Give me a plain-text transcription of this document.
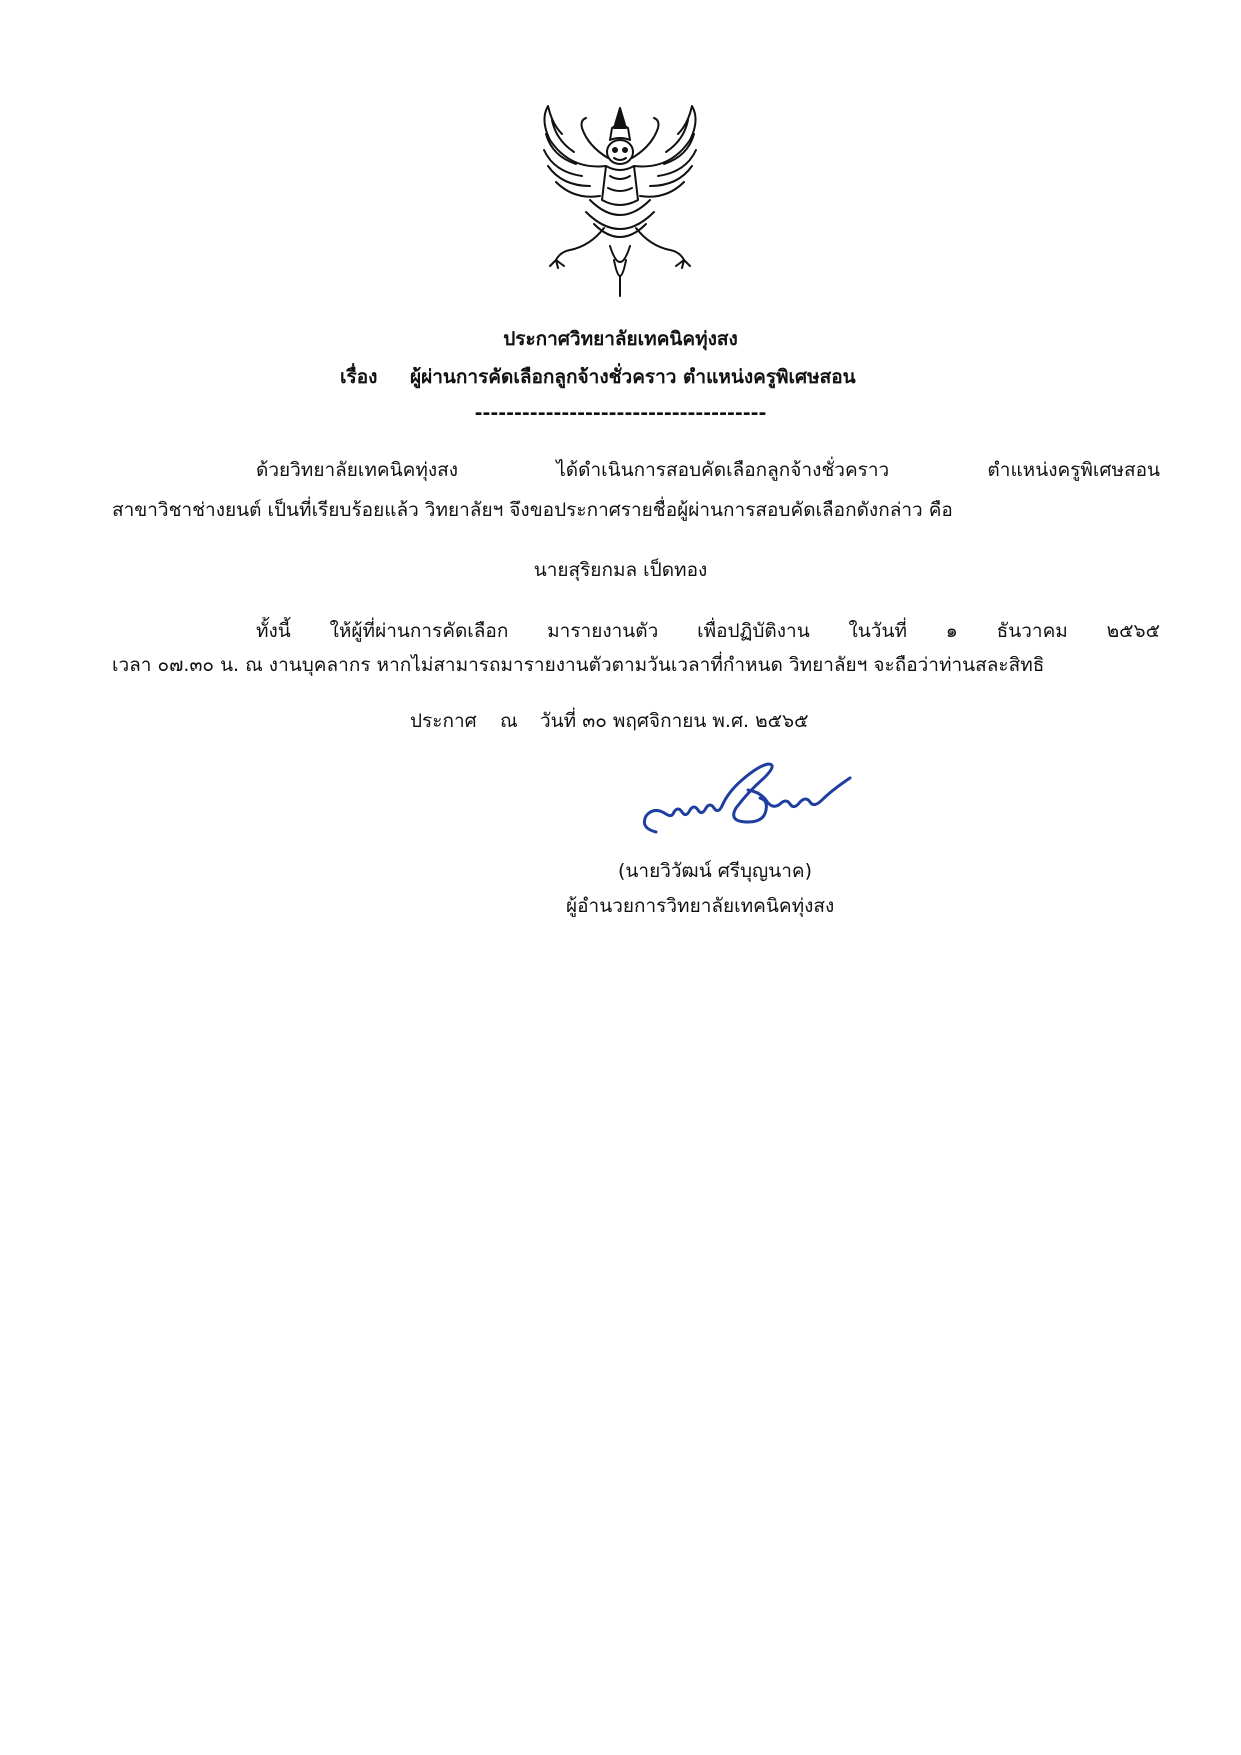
ประกาศวิทยาลัยเทคนิคทุ่งสง
เรื่อง ผู้ผ่านการคัดเลือกลูกจ้างชั่วคราว ตำแหน่งครูพิเศษสอน
-------------------------------------
ด้วยวิทยาลัยเทคนิคทุ่งสง ได้ดำเนินการสอบคัดเลือกลูกจ้างชั่วคราว ตำแหน่งครูพิเศษสอน
สาขาวิชาช่างยนต์ เป็นที่เรียบร้อยแล้ว วิทยาลัยฯ จึงขอประกาศรายชื่อผู้ผ่านการสอบคัดเลือกดังกล่าว คือ
นายสุริยกมล เป็ดทอง
ทั้งนี้ ให้ผู้ที่ผ่านการคัดเลือก มารายงานตัว เพื่อปฏิบัติงาน ในวันที่ ๑ ธันวาคม ๒๕๖๕
เวลา ๐๗.๓๐ น. ณ งานบุคลากร หากไม่สามารถมารายงานตัวตามวันเวลาที่กำหนด วิทยาลัยฯ จะถือว่าท่านสละสิทธิ
ประกาศ ณ วันที่ ๓๐ พฤศจิกายน พ.ศ. ๒๕๖๕
(นายวิวัฒน์ ศรีบุญนาค)
ผู้อำนวยการวิทยาลัยเทคนิคทุ่งสง
